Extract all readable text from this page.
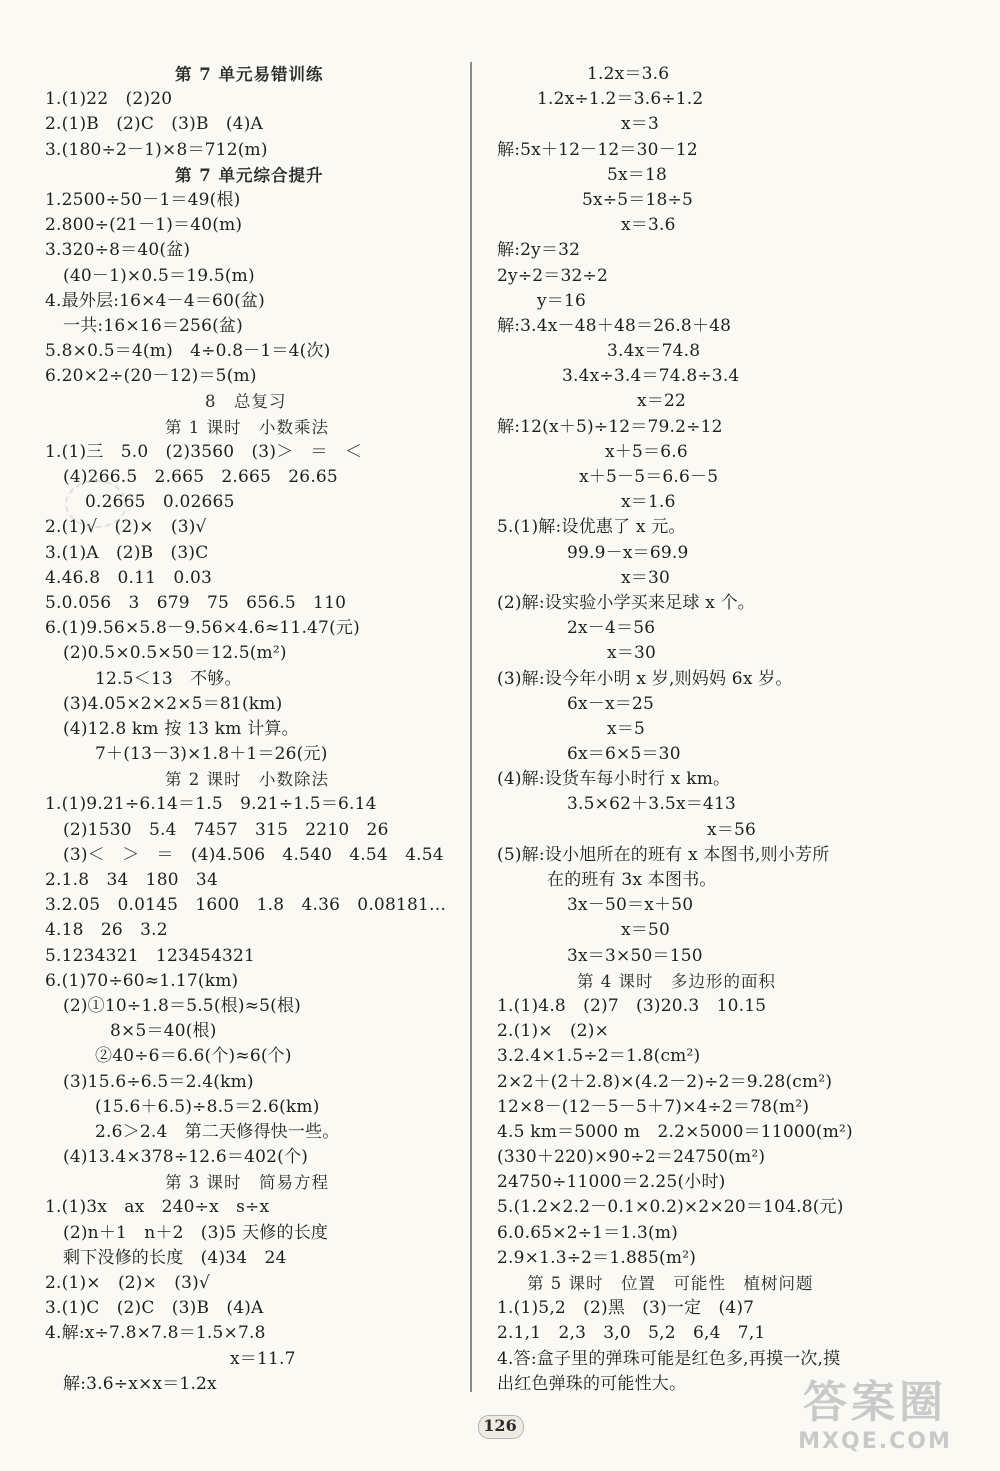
第 7 单元易错训练
1.(1)22　(2)20
2.(1)B　(2)C　(3)B　(4)A
3.(180÷2－1)×8＝712(m)
第 7 单元综合提升
1.2500÷50－1＝49(根)
2.800÷(21－1)＝40(m)
3.320÷8＝40(盆)
(40－1)×0.5＝19.5(m)
4.最外层:16×4－4＝60(盆)
一共:16×16＝256(盆)
5.8×0.5＝4(m)　4÷0.8－1＝4(次)
6.20×2÷(20－12)＝5(m)
8　总复习
第 1 课时　小数乘法
1.(1)三　5.0　(2)3560　(3)＞　＝　＜
(4)266.5　2.665　2.665　26.65
0.2665　0.02665
2.(1)√　(2)×　(3)√
3.(1)A　(2)B　(3)C
4.46.8　0.11　0.03
5.0.056　3　679　75　656.5　110
6.(1)9.56×5.8－9.56×4.6≈11.47(元)
(2)0.5×0.5×50＝12.5(m²)
12.5＜13　不够。
(3)4.05×2×2×5＝81(km)
(4)12.8 km 按 13 km 计算。
7＋(13－3)×1.8＋1＝26(元)
第 2 课时　小数除法
1.(1)9.21÷6.14＝1.5　9.21÷1.5＝6.14
(2)1530　5.4　7457　315　2210　26
(3)＜　＞　＝　(4)4.506　4.540　4.54　4.54
2.1.8　34　180　34
3.2.05　0.0145　1600　1.8　4.36　0.08181…
4.18　26　3.2
5.1234321　123454321
6.(1)70÷60≈1.17(km)
(2)①10÷1.8＝5.5(根)≈5(根)
8×5＝40(根)
②40÷6＝6.6(个)≈6(个)
(3)15.6÷6.5＝2.4(km)
(15.6＋6.5)÷8.5＝2.6(km)
2.6＞2.4　第二天修得快一些。
(4)13.4×378÷12.6＝402(个)
第 3 课时　简易方程
1.(1)3x　ax　240÷x　s÷x
(2)n＋1　n＋2　(3)5 天修的长度
剩下没修的长度　(4)34　24
2.(1)×　(2)×　(3)√
3.(1)C　(2)C　(3)B　(4)A
4.解:x÷7.8×7.8＝1.5×7.8
x＝11.7
解:3.6÷x×x＝1.2x
1.2x＝3.6
1.2x÷1.2＝3.6÷1.2
x＝3
解:5x＋12－12＝30－12
5x＝18
5x÷5＝18÷5
x＝3.6
解:2y＝32
2y÷2＝32÷2
y＝16
解:3.4x－48＋48＝26.8＋48
3.4x＝74.8
3.4x÷3.4＝74.8÷3.4
x＝22
解:12(x＋5)÷12＝79.2÷12
x＋5＝6.6
x＋5－5＝6.6－5
x＝1.6
5.(1)解:设优惠了 x 元。
99.9－x＝69.9
x＝30
(2)解:设实验小学买来足球 x 个。
2x－4＝56
x＝30
(3)解:设今年小明 x 岁,则妈妈 6x 岁。
6x－x＝25
x＝5
6x＝6×5＝30
(4)解:设货车每小时行 x km。
3.5×62＋3.5x＝413
x＝56
(5)解:设小旭所在的班有 x 本图书,则小芳所
在的班有 3x 本图书。
3x－50＝x＋50
x＝50
3x＝3×50＝150
第 4 课时　多边形的面积
1.(1)4.8　(2)7　(3)20.3　10.15
2.(1)×　(2)×
3.2.4×1.5÷2＝1.8(cm²)
2×2＋(2＋2.8)×(4.2－2)÷2＝9.28(cm²)
12×8－(12－5－5＋7)×4÷2＝78(m²)
4.5 km＝5000 m　2.2×5000＝11000(m²)
(330＋220)×90÷2＝24750(m²)
24750÷11000＝2.25(小时)
5.(1.2×2.2－0.1×0.2)×2×20＝104.8(元)
6.0.65×2÷1＝1.3(m)
2.9×1.3÷2＝1.885(m²)
第 5 课时　位置　可能性　植树问题
1.(1)5,2　(2)黑　(3)一定　(4)7
2.1,1　2,3　3,0　5,2　6,4　7,1
4.答:盒子里的弹珠可能是红色多,再摸一次,摸
出红色弹珠的可能性大。
126	答案圈
MXQE.COM
